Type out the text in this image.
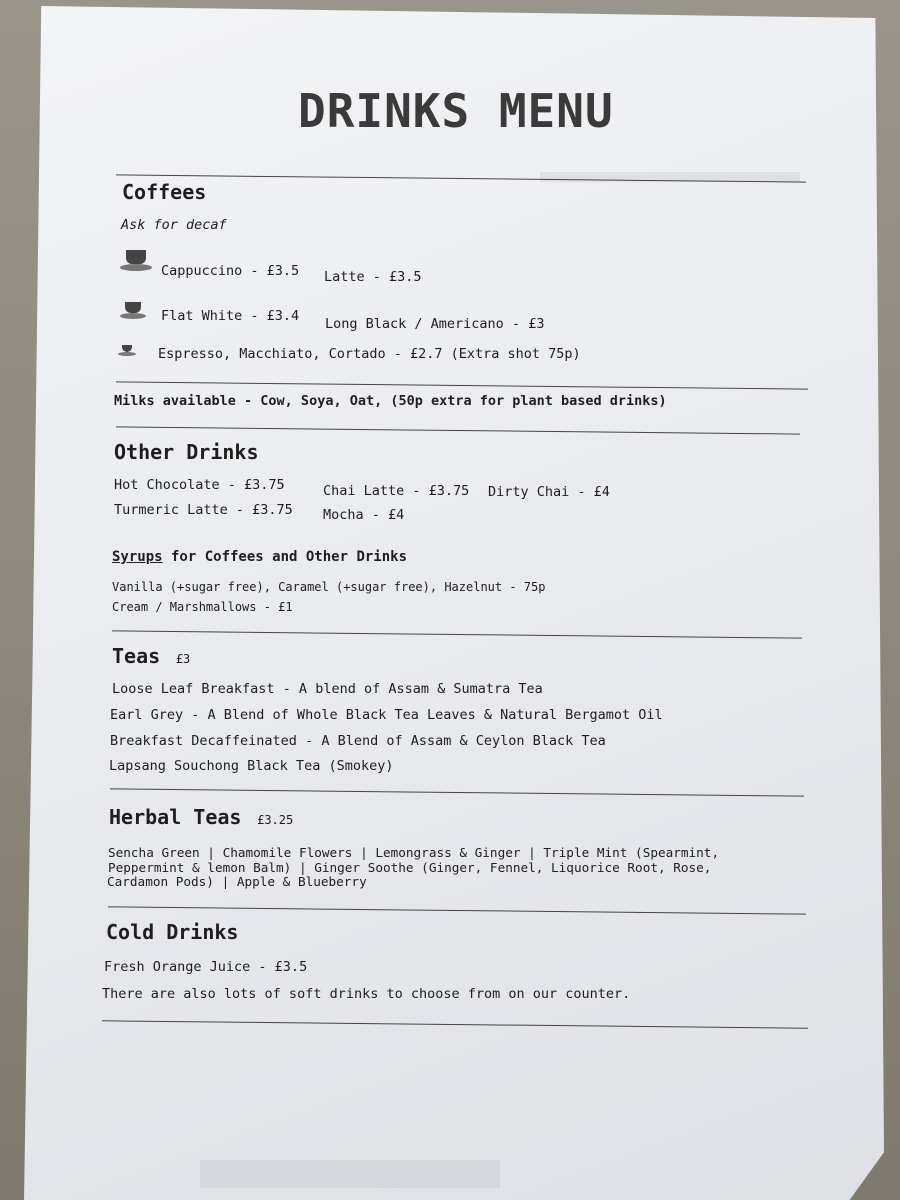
DRINKS MENU
Coffees
Ask for decaf
Cappuccino - £3.5 Latte - £3.5
Flat White - £3.4 Long Black / Americano - £3
Espresso, Macchiato, Cortado - £2.7 (Extra shot 75p)
Milks available - Cow, Soya, Oat, (50p extra for plant based drinks)
Other Drinks
Hot Chocolate - £3.75	Chai Latte - £3.75 Dirty Chai - £4
Turmeric Latte - £3.75 Mocha - £4
Syrups for Coffees and Other Drinks
Vanilla (+sugar free), Caramel (+sugar free), Hazelnut - 75p
Cream / Marshmallows - £1
Teas £3
Loose Leaf Breakfast - A blend of Assam & Sumatra Tea
Earl Grey - A Blend of Whole Black Tea Leaves & Natural Bergamot Oil
Breakfast Decaffeinated - A Blend of Assam & Ceylon Black Tea
Lapsang Souchong Black Tea (Smokey)
Herbal Teas £3.25
Sencha Green | Chamomile Flowers | Lemongrass & Ginger | Triple Mint (Spearmint,
Peppermint & lemon Balm) | Ginger Soothe (Ginger, Fennel, Liquorice Root, Rose,
Cardamon Pods) | Apple & Blueberry
Cold Drinks
Fresh Orange Juice - £3.5
There are also lots of soft drinks to choose from on our counter.
